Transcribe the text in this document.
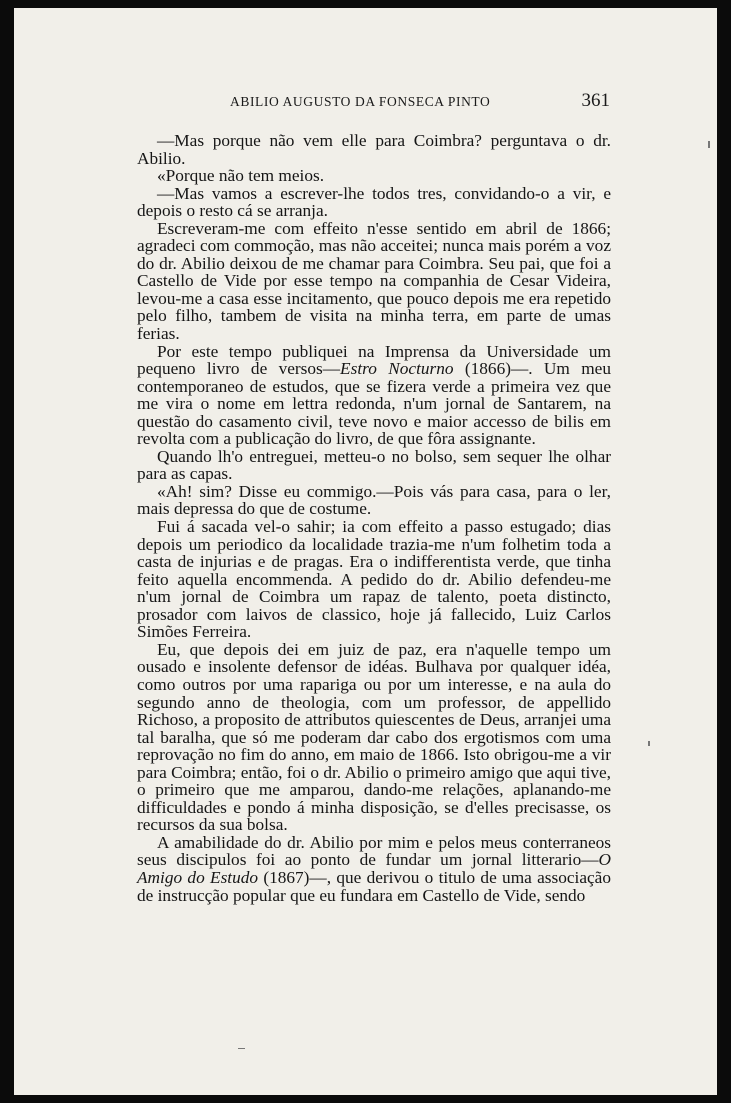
ABILIO AUGUSTO DA FONSECA PINTO	361

—Mas porque não vem elle para Coimbra? perguntava o dr. Abilio.

«Porque não tem meios.

—Mas vamos a escrever-lhe todos tres, convidando-o a vir, e depois o resto cá se arranja.

Escreveram-me com effeito n'esse sentido em abril de 1866; agradeci com commoção, mas não acceitei; nunca mais porém a voz do dr. Abilio deixou de me chamar para Coimbra. Seu pai, que foi a Castello de Vide por esse tempo na companhia de Cesar Videira, levou-me a casa esse incitamento, que pouco depois me era repetido pelo filho, tambem de visita na minha terra, em parte de umas ferias.

Por este tempo publiquei na Imprensa da Universidade um pequeno livro de versos—Estro Nocturno (1866)—. Um meu contemporaneo de estudos, que se fizera verde a primeira vez que me vira o nome em lettra redonda, n'um jornal de Santarem, na questão do casamento civil, teve novo e maior accesso de bilis em revolta com a publicação do livro, de que fôra assignante.

Quando lh'o entreguei, metteu-o no bolso, sem sequer lhe olhar para as capas.

«Ah! sim? Disse eu commigo.—Pois vás para casa, para o ler, mais depressa do que de costume.

Fui á sacada vel-o sahir; ia com effeito a passo estugado; dias depois um periodico da localidade trazia-me n'um folhetim toda a casta de injurias e de pragas. Era o indifferentista verde, que tinha feito aquella encommenda. A pedido do dr. Abilio defendeu-me n'um jornal de Coimbra um rapaz de talento, poeta distincto, prosador com laivos de classico, hoje já fallecido, Luiz Carlos Simões Ferreira.

Eu, que depois dei em juiz de paz, era n'aquelle tempo um ousado e insolente defensor de idéas. Bulhava por qualquer idéa, como outros por uma rapariga ou por um interesse, e na aula do segundo anno de theologia, com um professor, de appellido Richoso, a proposito de attributos quiescentes de Deus, arranjei uma tal baralha, que só me poderam dar cabo dos ergotismos com uma reprovação no fim do anno, em maio de 1866. Isto obrigou-me a vir para Coimbra; então, foi o dr. Abilio o primeiro amigo que aqui tive, o primeiro que me amparou, dando-me relações, aplanando-me difficuldades e pondo á minha disposição, se d'elles precisasse, os recursos da sua bolsa.

A amabilidade do dr. Abilio por mim e pelos meus conterraneos seus discipulos foi ao ponto de fundar um jornal litterario—O Amigo do Estudo (1867)—, que derivou o titulo de uma associação de instrucção popular que eu fundara em Castello de Vide, sendo
